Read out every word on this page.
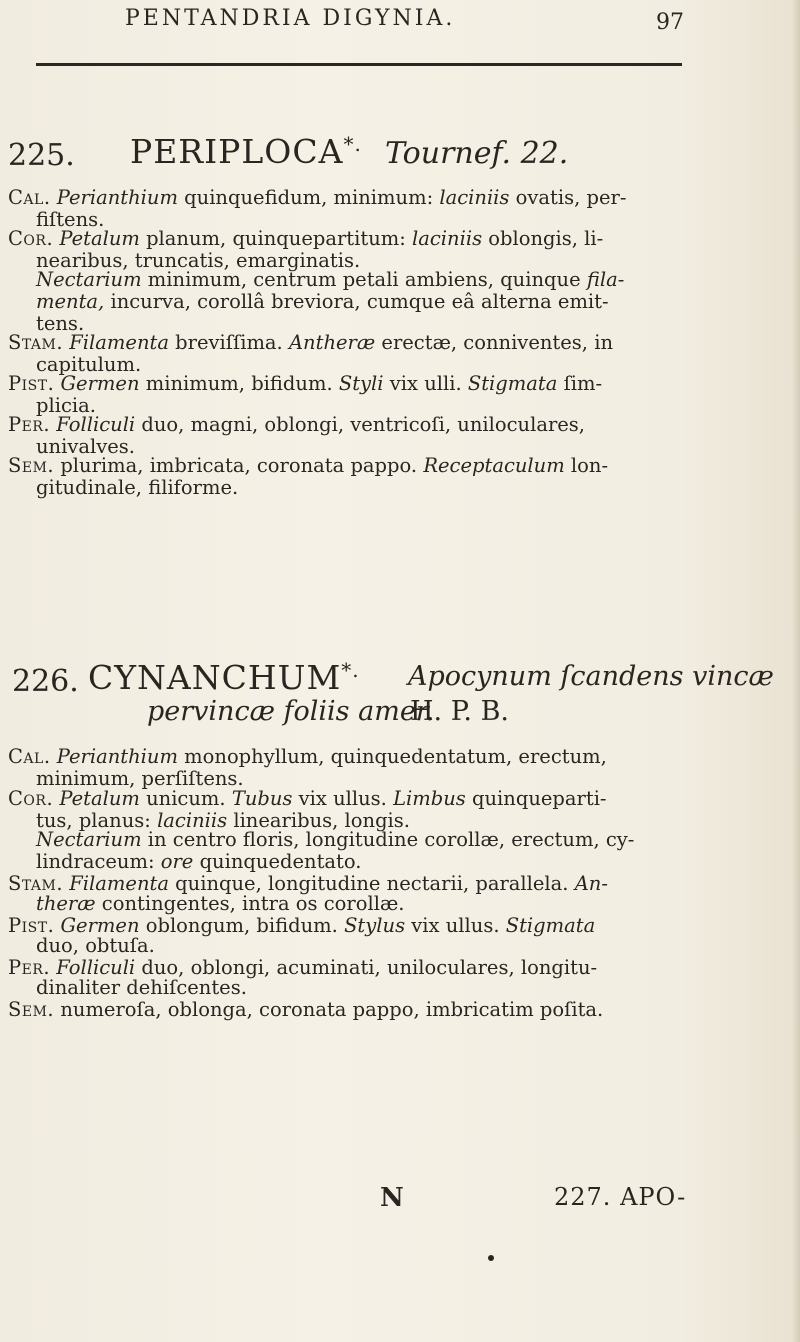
PENTANDRIA DIGYNIA.	97
225. PERIPLOCA*. Tournef. 22.
Cal. Perianthium quinquefidum, minimum: laciniis ovatis, per-
fiſtens.
Cor. Petalum planum, quinquepartitum: laciniis oblongis, li-
nearibus, truncatis, emarginatis.
Nectarium minimum, centrum petali ambiens, quinque fila-
menta, incurva, corollâ breviora, cumque eâ alterna emit-
tens.
Stam. Filamenta breviſſima. Antheræ erectæ, conniventes, in
capitulum.
Pist. Germen minimum, bifidum. Styli vix ulli. Stigmata ſim-
plicia.
Per. Folliculi duo, magni, oblongi, ventricoſi, uniloculares,
univalves.
Sem. plurima, imbricata, coronata pappo. Receptaculum lon-
gitudinale, filiforme.
226. CYNANCHUM*. Apocynum ſcandens vincæ
pervincæ foliis amer.
H. P. B.
Cal. Perianthium monophyllum, quinquedentatum, erectum,
minimum, perſiſtens.
Cor. Petalum unicum. Tubus vix ullus. Limbus quinqueparti-
tus, planus: laciniis linearibus, longis.
Nectarium in centro floris, longitudine corollæ, erectum, cy-
lindraceum: ore quinquedentato.
Stam. Filamenta quinque, longitudine nectarii, parallela. An-
theræ contingentes, intra os corollæ.
Pist. Germen oblongum, bifidum. Stylus vix ullus. Stigmata
duo, obtuſa.
Per. Folliculi duo, oblongi, acuminati, uniloculares, longitu-
dinaliter dehiſcentes.
Sem. numeroſa, oblonga, coronata pappo, imbricatim poſita.
N	227. APO-
